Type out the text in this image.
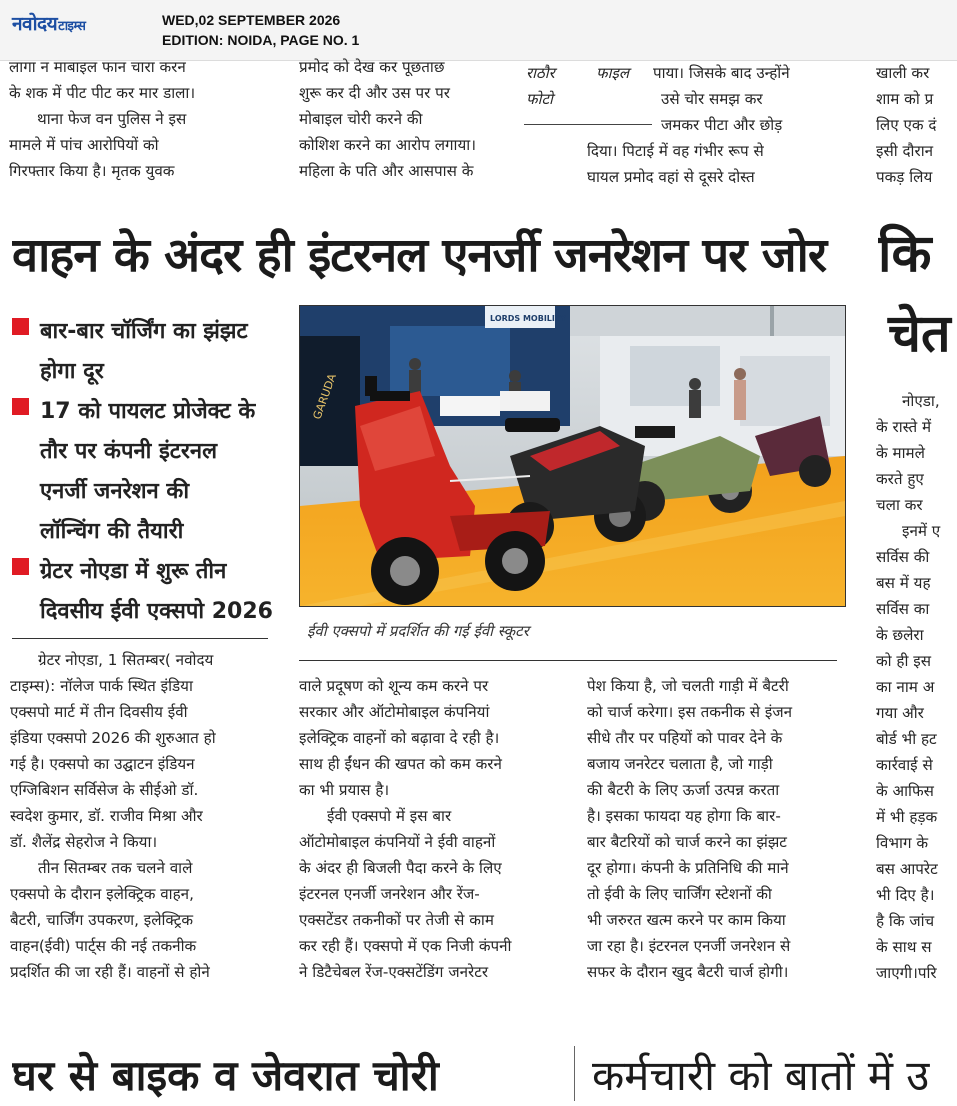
नवोदयटाइम्स	WED,02 SEPTEMBER 2026
EDITION: NOIDA, PAGE NO. 1
लागा न माबाइल फान चारा करन
के शक में पीट पीट कर मार डाला।
थाना फेज वन पुलिस ने इस
मामले में पांच आरोपियों को
गिरफ्तार किया है। मृतक युवक
प्रमोद को देख कर पूछताछ
शुरू कर दी और उस पर पर
मोबाइल चोरी करने की
कोशिश करने का आरोप लगाया।
महिला के पति और आसपास के
राठौर
फोटो
फाइल	पाया। जिसके बाद उन्होंने
उसे चोर समझ कर
जमकर पीटा और छोड़
दिया। पिटाई में वह गंभीर रूप से
घायल प्रमोद वहां से दूसरे दोस्त
खाली कर
शाम को प्र
लिए एक दं
इसी दौरान
पकड़ लिय
वाहन के अंदर ही इंटरनल एनर्जी जनरेशन पर जोर कि
चेत
बार-बार चॉर्जिंग का झंझट
होगा दूर
17 को पायलट प्रोजेक्ट के
तौर पर कंपनी इंटरनल
एनर्जी जनरेशन की
लॉन्चिंग की तैयारी
ग्रेटर नोएडा में शुरू तीन
दिवसीय ईवी एक्सपो 2026
LORDS MOBILITY
GARUDA
ईवी एक्सपो में प्रदर्शित की गई ईवी स्कूटर
ग्रेटर नोएडा, 1 सितम्बर( नवोदय
टाइम्स): नॉलेज पार्क स्थित इंडिया
एक्सपो मार्ट में तीन दिवसीय ईवी
इंडिया एक्सपो 2026 की शुरुआत हो
गई है। एक्सपो का उद्घाटन इंडियन
एग्जिबिशन सर्विसेज के सीईओ डॉ.
स्वदेश कुमार, डॉ. राजीव मिश्रा और
डॉ. शैलेंद्र सेहरोज ने किया।
तीन सितम्बर तक चलने वाले
एक्सपो के दौरान इलेक्ट्रिक वाहन,
बैटरी, चार्जिंग उपकरण, इलेक्ट्रिक
वाहन(ईवी) पार्ट्स की नई तकनीक
प्रदर्शित की जा रही हैं। वाहनों से होने
वाले प्रदूषण को शून्य कम करने पर
सरकार और ऑटोमोबाइल कंपनियां
इलेक्ट्रिक वाहनों को बढ़ावा दे रही है।
साथ ही ईंधन की खपत को कम करने
का भी प्रयास है।
ईवी एक्सपो में इस बार
ऑटोमोबाइल कंपनियों ने ईवी वाहनों
के अंदर ही बिजली पैदा करने के लिए
इंटरनल एनर्जी जनरेशन और रेंज-
एक्सटेंडर तकनीकों पर तेजी से काम
कर रही हैं। एक्सपो में एक निजी कंपनी
ने डिटैचेबल रेंज-एक्सटेंडिंग जनरेटर
पेश किया है, जो चलती गाड़ी में बैटरी
को चार्ज करेगा। इस तकनीक से इंजन
सीधे तौर पर पहियों को पावर देने के
बजाय जनरेटर चलाता है, जो गाड़ी
की बैटरी के लिए ऊर्जा उत्पन्न करता
है। इसका फायदा यह होगा कि बार-
बार बैटरियों को चार्ज करने का झंझट
दूर होगा। कंपनी के प्रतिनिधि की माने
तो ईवी के लिए चार्जिंग स्टेशनों की
भी जरुरत खत्म करने पर काम किया
जा रहा है। इंटरनल एनर्जी जनरेशन से
सफर के दौरान खुद बैटरी चार्ज होगी।
नोएडा,
के रास्ते में
के मामले
करते हुए
चला कर
इनमें ए
सर्विस की
बस में यह
सर्विस का
के छलेरा
को ही इस
का नाम अ
गया और
बोर्ड भी हट
कार्रवाई से
के आफिस
में भी हड़क
विभाग के
बस आपरेट
भी दिए है।
है कि जांच
के साथ स
जाएगी।परि
घर से बाइक व जेवरात चोरी	कर्मचारी को बातों में उ
